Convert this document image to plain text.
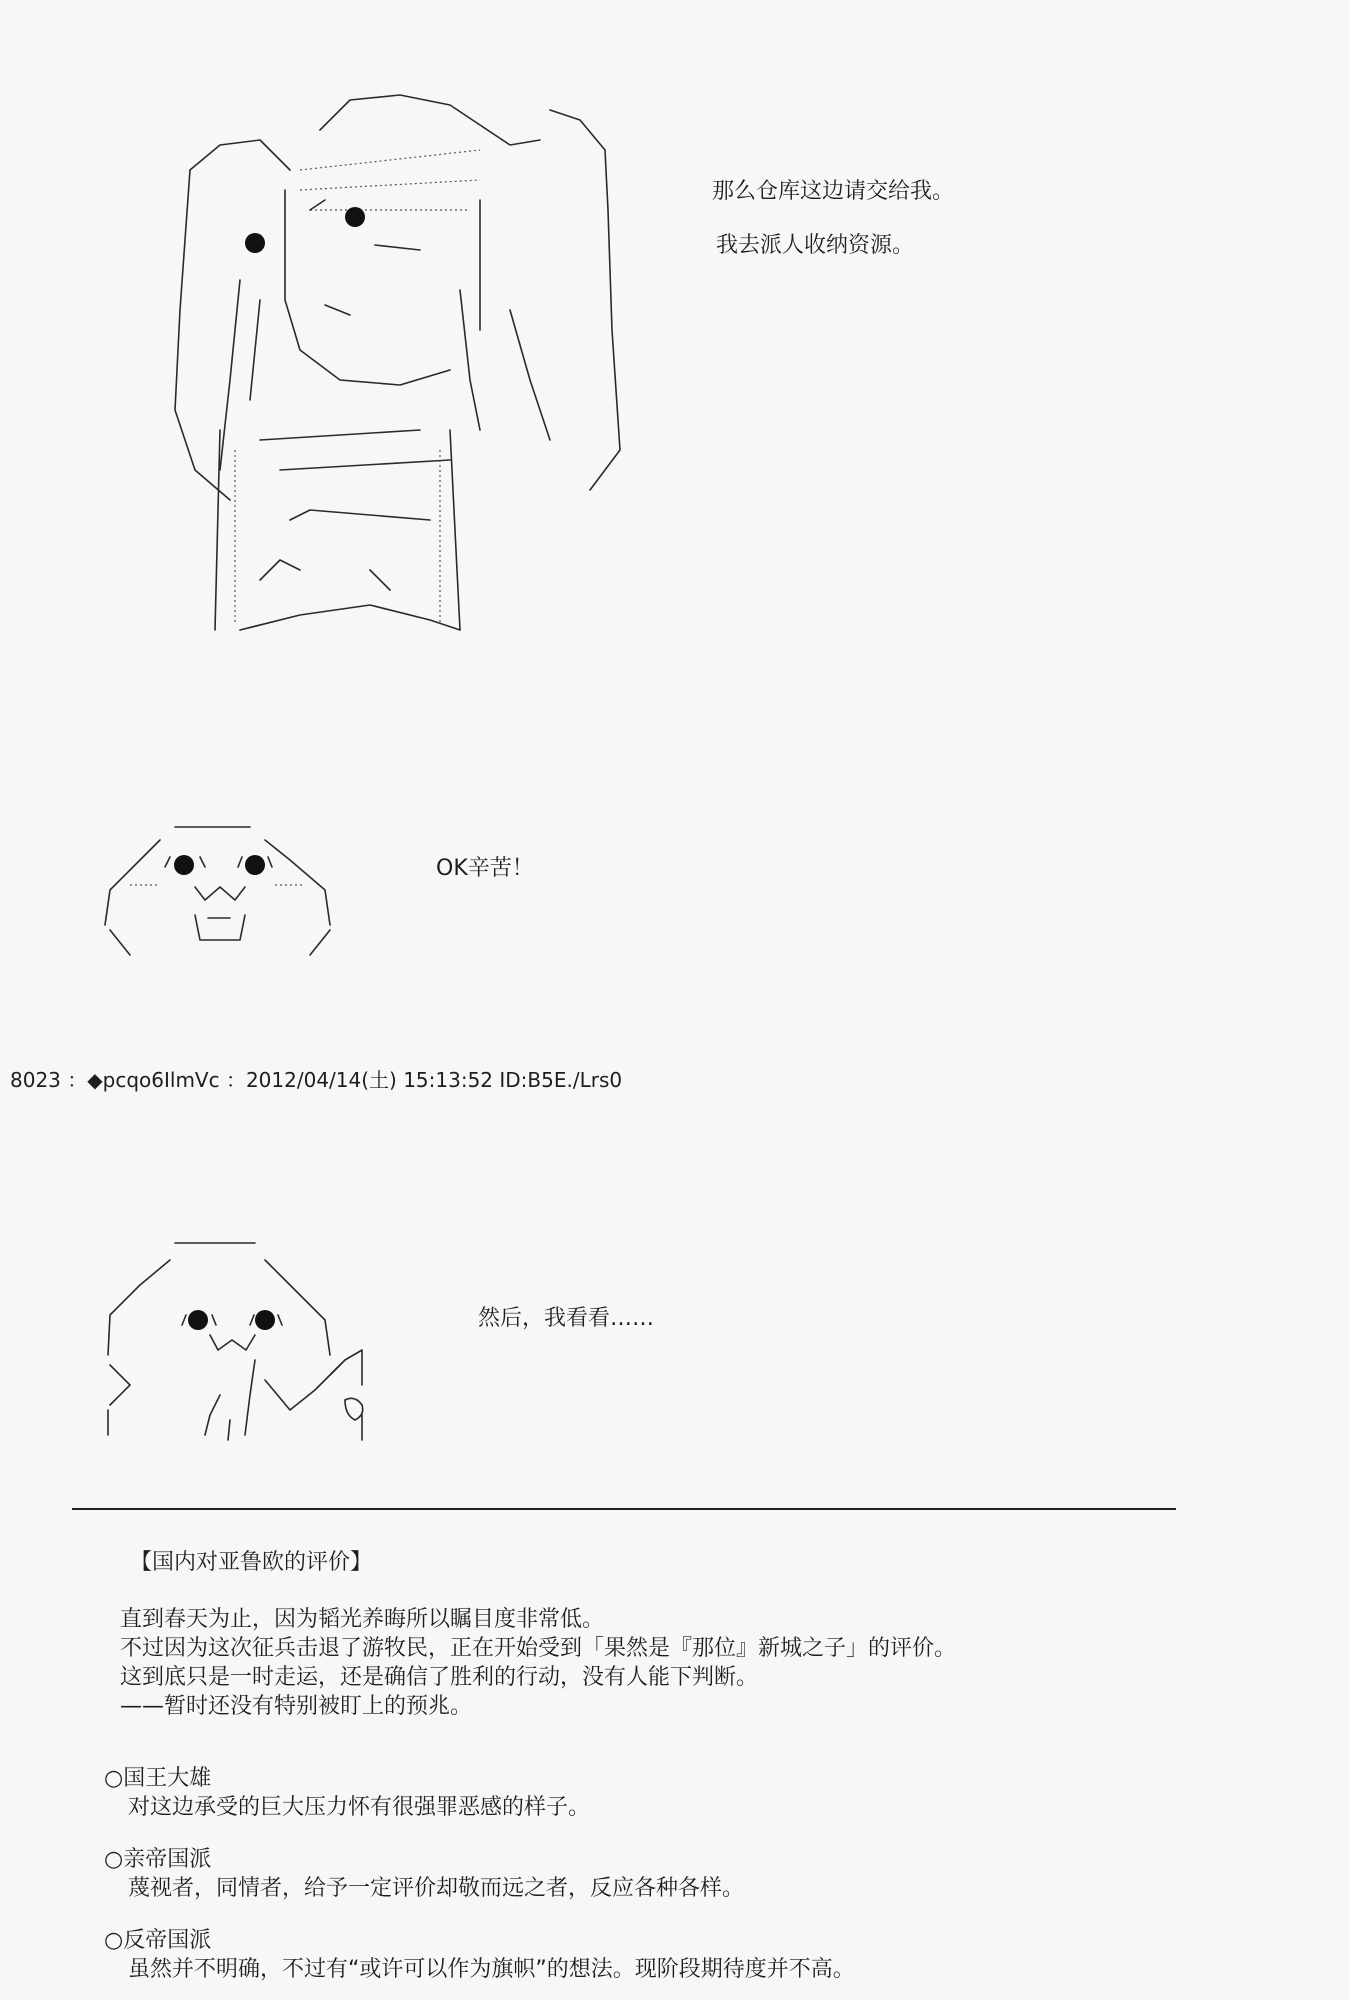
那么仓库这边请交给我。
我去派人收纳资源。
OK辛苦！
8023 ：◆pcqo6IlmVc ：2012/04/14(土) 15:13:52 ID:B5E./Lrs0
然后，我看看……
【国内对亚鲁欧的评价】
直到春天为止，因为韬光养晦所以瞩目度非常低。
不过因为这次征兵击退了游牧民，正在开始受到「果然是『那位』新城之子」的评价。
这到底只是一时走运，还是确信了胜利的行动，没有人能下判断。
——暂时还没有特别被盯上的预兆。
○国王大雄
对这边承受的巨大压力怀有很强罪恶感的样子。
○亲帝国派
蔑视者，同情者，给予一定评价却敬而远之者，反应各种各样。
○反帝国派
虽然并不明确，不过有“或许可以作为旗帜”的想法。现阶段期待度并不高。
